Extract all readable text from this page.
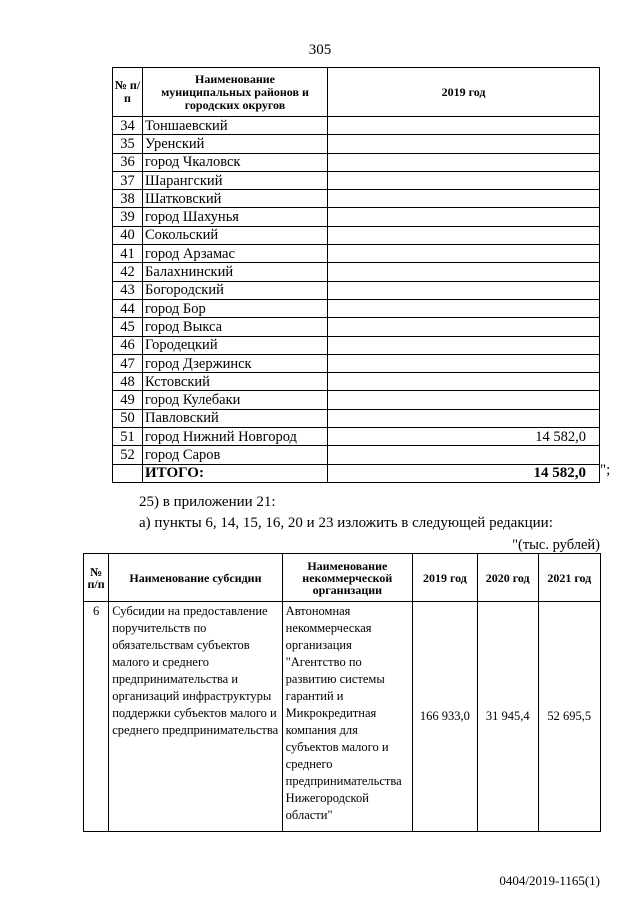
305
№ п/п	Наименование муниципальных районов и городских округов	2019 год
34	Тоншаевский	
35	Уренский	
36	город Чкаловск	
37	Шарангский	
38	Шатковский	
39	город Шахунья	
40	Сокольский	
41	город Арзамас	
42	Балахнинский	
43	Богородский	
44	город Бор	
45	город Выкса	
46	Городецкий	
47	город Дзержинск	
48	Кстовский	
49	город Кулебаки	
50	Павловский	
51	город Нижний Новгород	14 582,0
52	город Саров	
	ИТОГО:	14 582,0 ";
25) в приложении 21:
а) пункты 6, 14, 15, 16, 20 и 23 изложить в следующей редакции:
"(тыс. рублей)
№ п/п	Наименование субсидии	Наименование некоммерческой организации	2019 год	2020 год	2021 год
6	Субсидии на предоставление поручительств по обязательствам субъектов малого и среднего предпринимательства и организаций инфраструктуры поддержки субъектов малого и среднего предпринимательства	Автономная некоммерческая организация "Агентство по развитию системы гарантий и Микрокредитная компания для субъектов малого и среднего предпринимательства Нижегородской области"	166 933,0	31 945,4	52 695,5
0404/2019-1165(1)
